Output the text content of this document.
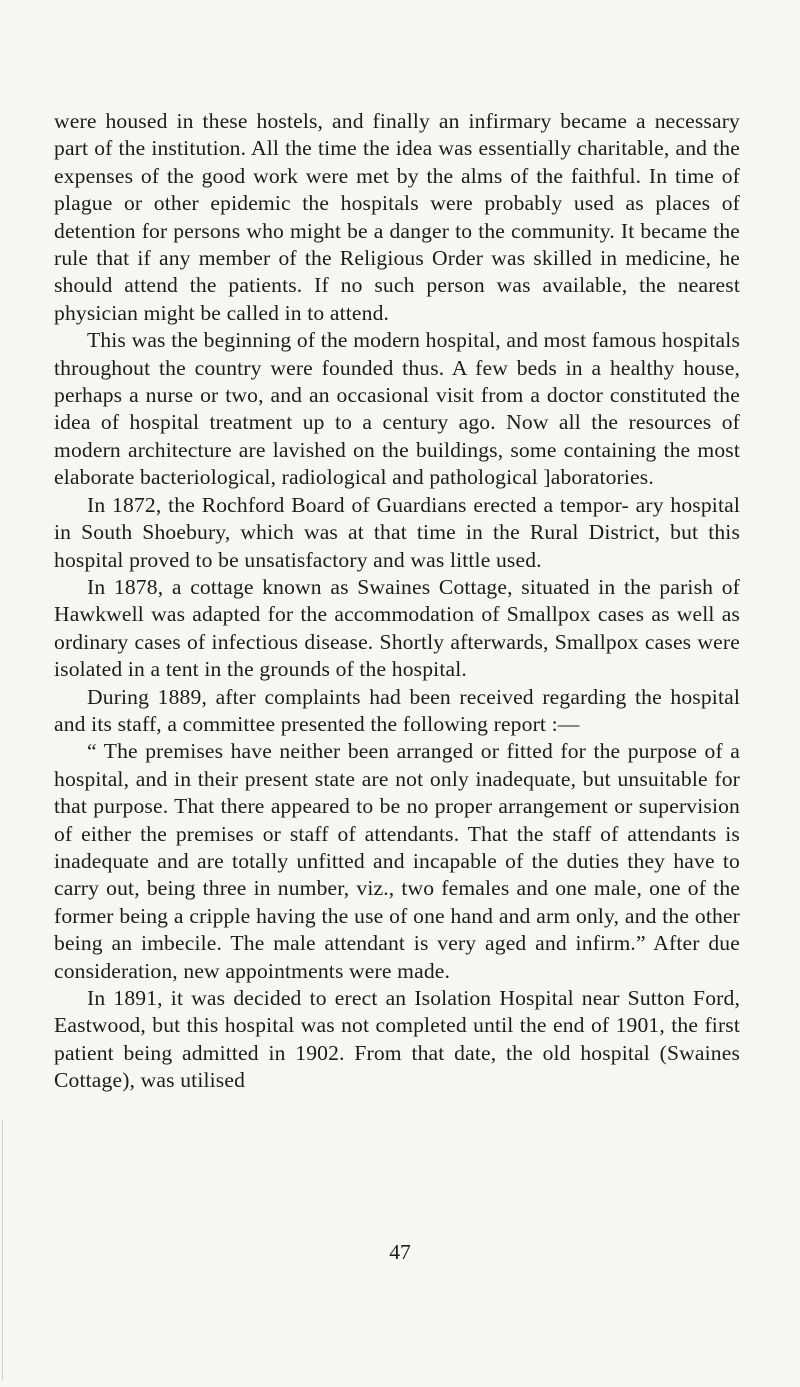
were housed in these hostels, and finally an infirmary became a necessary part of the institution. All the time the idea was essentially charitable, and the expenses of the good work were met by the alms of the faithful. In time of plague or other epidemic the hospitals were probably used as places of detention for persons who might be a danger to the community. It became the rule that if any member of the Religious Order was skilled in medicine, he should attend the patients. If no such person was available, the nearest physician might be called in to attend.

This was the beginning of the modern hospital, and most famous hospitals throughout the country were founded thus. A few beds in a healthy house, perhaps a nurse or two, and an occasional visit from a doctor constituted the idea of hospital treatment up to a century ago. Now all the resources of modern architecture are lavished on the buildings, some containing the most elaborate bacteriological, radiological and pathological ]aboratories.

In 1872, the Rochford Board of Guardians erected a tempor- ary hospital in South Shoebury, which was at that time in the Rural District, but this hospital proved to be unsatisfactory and was little used.

In 1878, a cottage known as Swaines Cottage, situated in the parish of Hawkwell was adapted for the accommodation of Smallpox cases as well as ordinary cases of infectious disease. Shortly afterwards, Smallpox cases were isolated in a tent in the grounds of the hospital.

During 1889, after complaints had been received regarding the hospital and its staff, a committee presented the following report :—

“ The premises have neither been arranged or fitted for the purpose of a hospital, and in their present state are not only inadequate, but unsuitable for that purpose. That there appeared to be no proper arrangement or supervision of either the premises or staff of attendants. That the staff of attendants is inadequate and are totally unfitted and incapable of the duties they have to carry out, being three in number, viz., two females and one male, one of the former being a cripple having the use of one hand and arm only, and the other being an imbecile. The male attendant is very aged and infirm.” After due consideration, new appointments were made.

In 1891, it was decided to erect an Isolation Hospital near Sutton Ford, Eastwood, but this hospital was not completed until the end of 1901, the first patient being admitted in 1902. From that date, the old hospital (Swaines Cottage), was utilised

47
